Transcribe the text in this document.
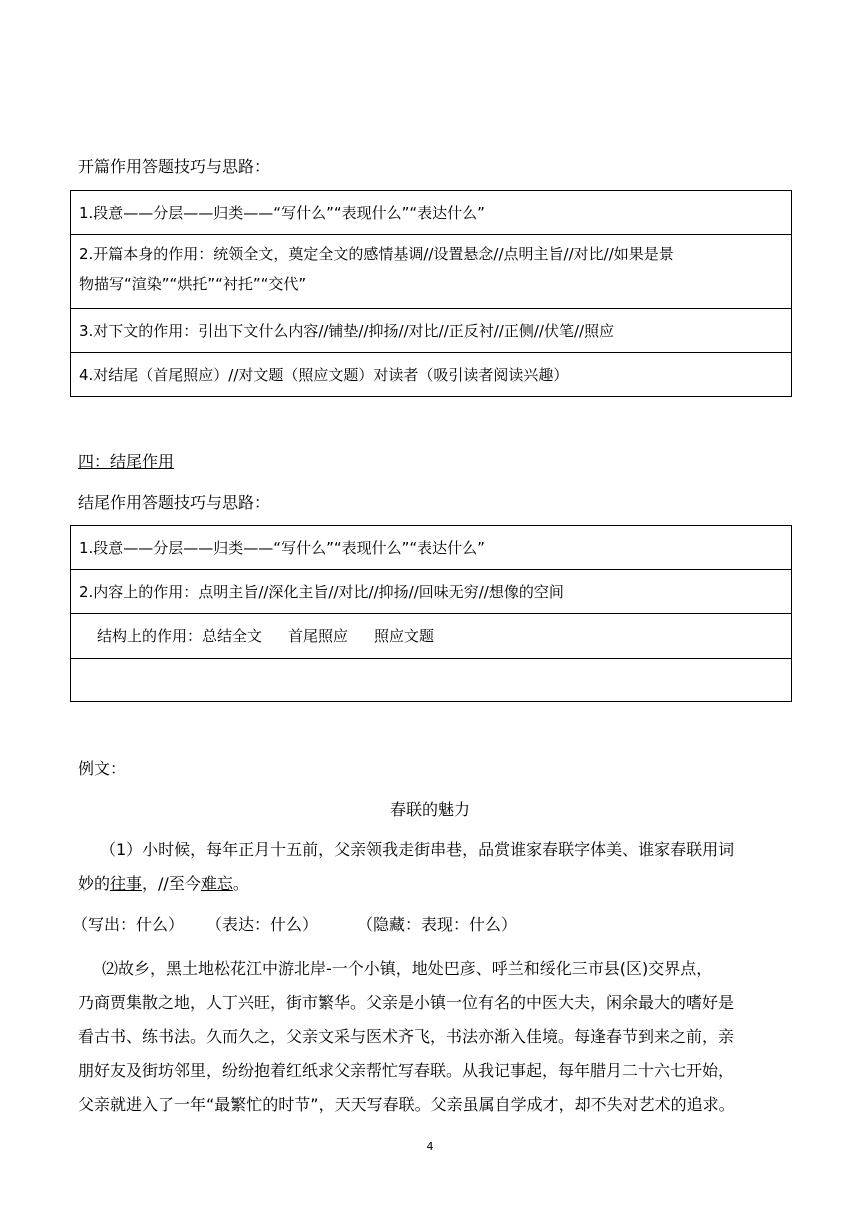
开篇作用答题技巧与思路：
1.段意——分层——归类——“写什么”“表现什么”“表达什么”
2.开篇本身的作用：统领全文，奠定全文的感情基调//设置悬念//点明主旨//对比//如果是景
物描写“渲染”“烘托”“衬托”“交代”
3.对下文的作用：引出下文什么内容//铺垫//抑扬//对比//正反衬//正侧//伏笔//照应
4.对结尾（首尾照应）//对文题（照应文题）对读者（吸引读者阅读兴趣）
四：结尾作用
结尾作用答题技巧与思路：
1.段意——分层——归类——“写什么”“表现什么”“表达什么”
2.内容上的作用：点明主旨//深化主旨//对比//抑扬//回味无穷//想像的空间
结构上的作用：总结全文 首尾照应 照应文题
例文：
春联的魅力
（1）小时候，每年正月十五前，父亲领我走街串巷，品赏谁家春联字体美、谁家春联用词
妙的往事，//至今难忘。
（写出：什么） （表达：什么） （隐藏：表现：什么）
⑵故乡，黑土地松花江中游北岸-一个小镇，地处巴彦、呼兰和绥化三市县(区)交界点，
乃商贾集散之地，人丁兴旺，街市繁华。父亲是小镇一位有名的中医大夫，闲余最大的嗜好是
看古书、练书法。久而久之，父亲文采与医术齐飞，书法亦渐入佳境。每逢春节到来之前，亲
朋好友及街坊邻里，纷纷抱着红纸求父亲帮忙写春联。从我记事起，每年腊月二十六七开始，
父亲就进入了一年“最繁忙的时节”，天天写春联。父亲虽属自学成才，却不失对艺术的追求。
4
